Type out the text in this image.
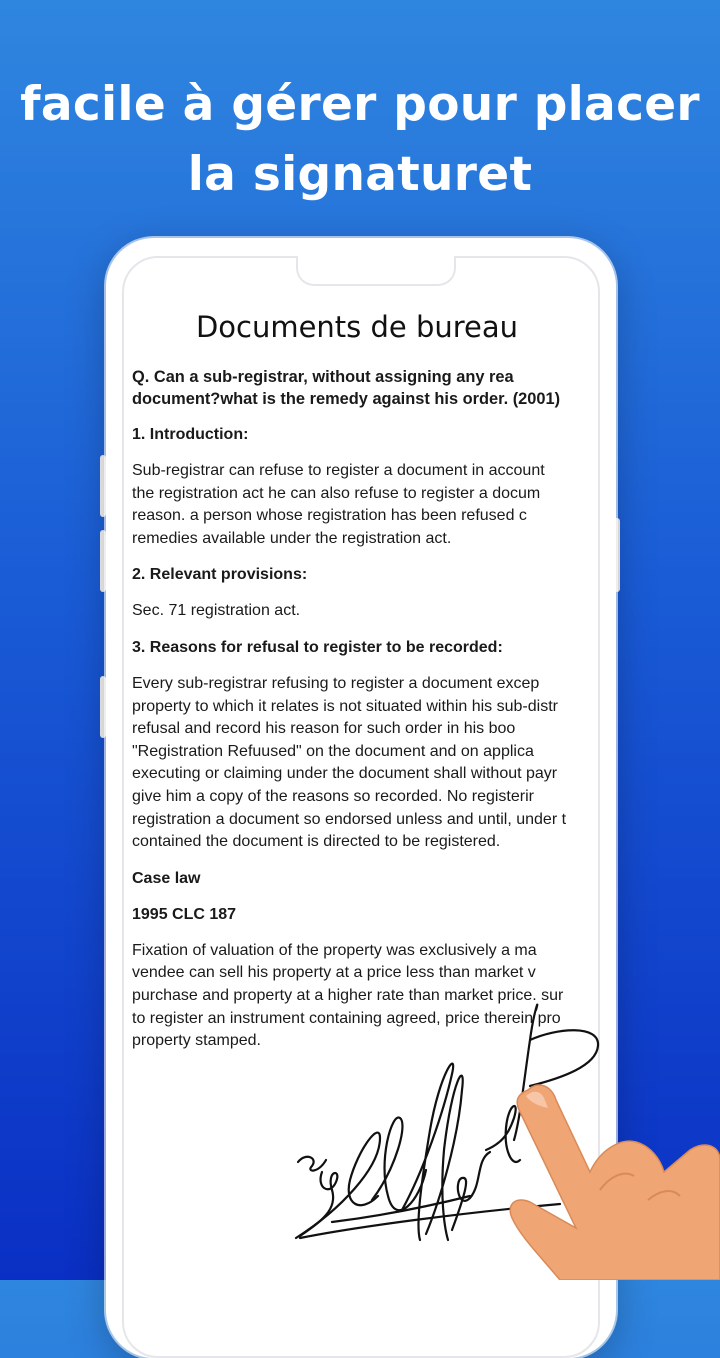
facile à gérer pour placer
la signaturet
Documents de bureau

Q. Can a sub-registrar, without assigning any rea

document?what is the remedy against his order. (2001)

1. Introduction:

Sub-registrar can refuse to register a document in account

the registration act he can also refuse to register a docum

reason. a person whose registration has been refused c

remedies available under the registration act.

2. Relevant provisions:

Sec. 71 registration act.

3. Reasons for refusal to register to be recorded:

Every sub-registrar refusing to register a document excep

property to which it relates is not situated within his sub-distr

refusal and record his reason for such order in his boo

"Registration Refuused" on the document and on applica

executing or claiming under the document shall without payr

give him a copy of the reasons so recorded. No registerir

registration a document so endorsed unless and until, under t

contained the document is directed to be registered.

Case law
1995 CLC 187

Fixation of valuation of the property was exclusively a ma

vendee can sell his property at a price less than market v

purchase and property at a higher rate than market price. sur

to register an instrument containing agreed, price therein pro

property stamped.
